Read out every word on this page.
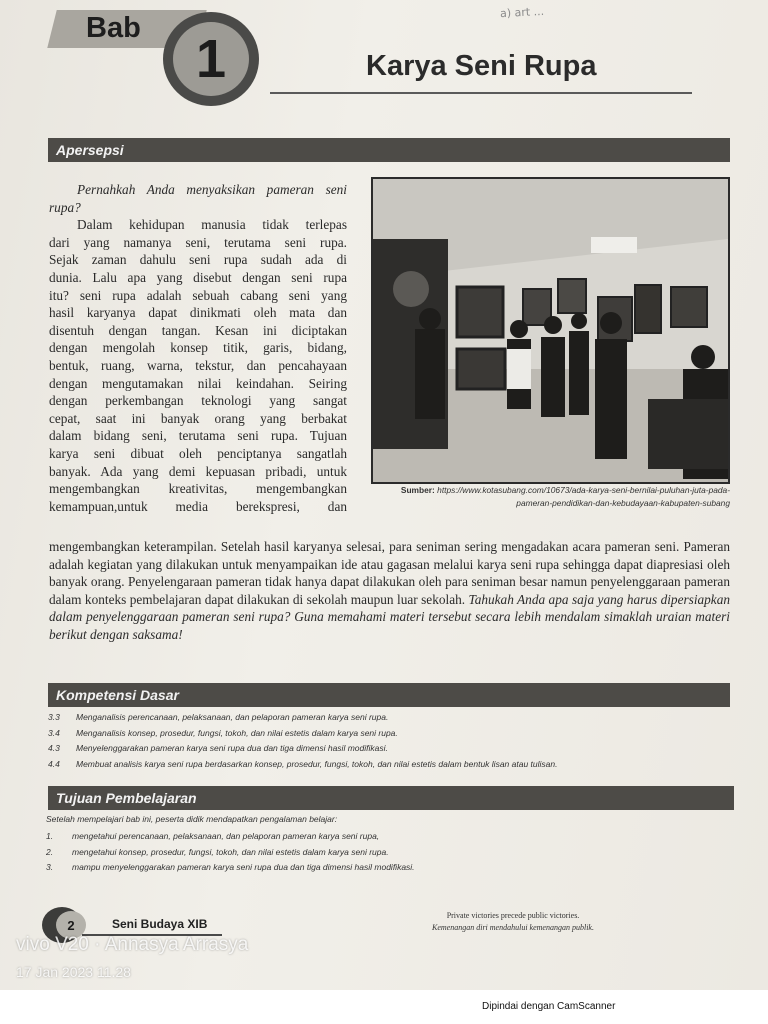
Bab
1
a) art ...
Karya Seni Rupa
Apersepsi

Pernahkah Anda menyaksikan pameran seni rupa?

Dalam kehidupan manusia tidak terlepas
dari yang namanya seni, terutama seni rupa.
Sejak zaman dahulu seni rupa sudah ada di
dunia. Lalu apa yang disebut dengan seni rupa
itu? seni rupa adalah sebuah cabang seni yang
hasil karyanya dapat dinikmati oleh mata dan
disentuh dengan tangan. Kesan ini diciptakan
dengan mengolah konsep titik, garis, bidang,
bentuk, ruang, warna, tekstur, dan pencahayaan
dengan mengutamakan nilai keindahan. Seiring
dengan perkembangan teknologi yang sangat
cepat, saat ini banyak orang yang berbakat
dalam bidang seni, terutama seni rupa. Tujuan
karya seni dibuat oleh penciptanya sangatlah
banyak. Ada yang demi kepuasan pribadi, untuk
mengembangkan kreativitas, mengembangkan
kemampuan,untuk media berekspresi, dan
Sumber: https://www.kotasubang.com/10673/ada-karya-seni-bernilai-puluhan-juta-pada-pameran-pendidikan-dan-kebudayaan-kabupaten-subang
mengembangkan keterampilan. Setelah hasil karyanya selesai, para seniman sering mengadakan acara pameran seni. Pameran adalah kegiatan yang dilakukan untuk menyampaikan ide atau gagasan melalui karya seni rupa sehingga dapat diapresiasi oleh banyak orang. Penyelengaraan pameran tidak hanya dapat dilakukan oleh para seniman besar namun penyelenggaraan pameran dalam konteks pembelajaran dapat dilakukan di sekolah maupun luar sekolah. Tahukah Anda apa saja yang harus dipersiapkan dalam penyelenggaraan pameran seni rupa? Guna memahami materi tersebut secara lebih mendalam simaklah uraian materi berikut dengan saksama!
Kompetensi Dasar
3.3 Menganalisis perencanaan, pelaksanaan, dan pelaporan pameran karya seni rupa.
3.4 Menganalisis konsep, prosedur, fungsi, tokoh, dan nilai estetis dalam karya seni rupa.
4.3 Menyelenggarakan pameran karya seni rupa dua dan tiga dimensi hasil modifikasi.
4.4 Membuat analisis karya seni rupa berdasarkan konsep, prosedur, fungsi, tokoh, dan nilai estetis dalam bentuk lisan atau tulisan.
Tujuan Pembelajaran
Setelah mempelajari bab ini, peserta didik mendapatkan pengalaman belajar:
1. mengetahui perencanaan, pelaksanaan, dan pelaporan pameran karya seni rupa,
2. mengetahui konsep, prosedur, fungsi, tokoh, dan nilai estetis dalam karya seni rupa.
3. mampu menyelenggarakan pameran karya seni rupa dua dan tiga dimensi hasil modifikasi.
2	Seni Budaya XIB
Private victories precede public victories.
Kemenangan diri mendahului kemenangan publik.
vivo V20 · Annasya Arrasya
17 Jan 2023 11.28
Dipindai dengan CamScanner
